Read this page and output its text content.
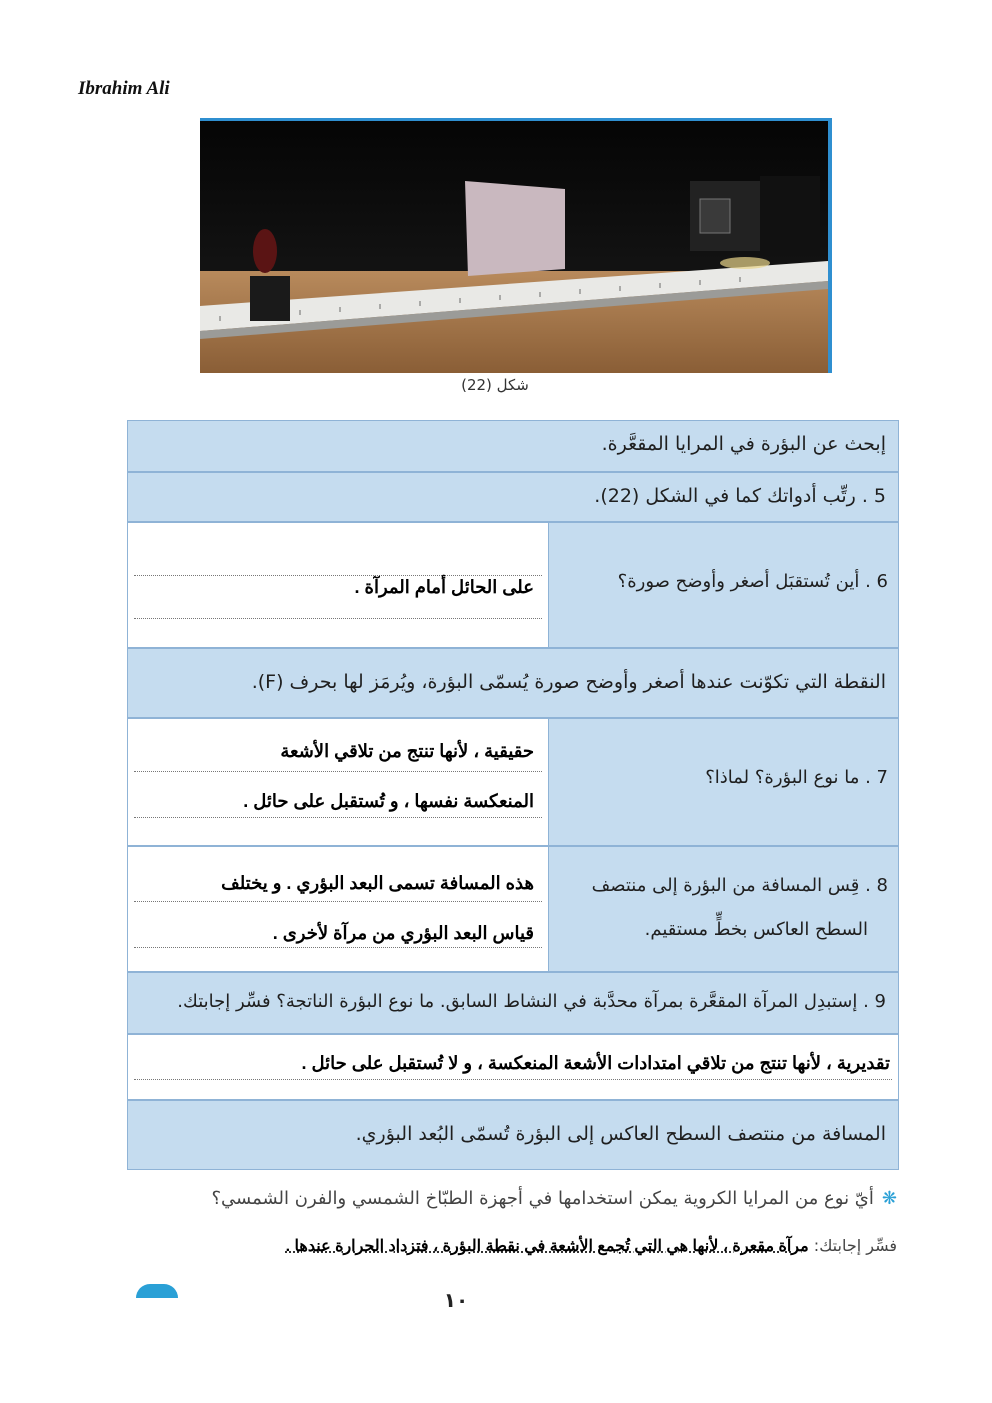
Ibrahim Ali
شكل (22)
إبحث عن البؤرة في المرايا المقعَّرة.
5 . رتِّب أدواتك كما في الشكل (22).
على الحائل أمام المرآة .	6 . أين تُستقبَل أصغر وأوضح صورة؟
النقطة التي تكوّنت عندها أصغر وأوضح صورة يُسمّى البؤرة، ويُرمَز لها بحرف (F).
حقيقية ، لأنها تنتج من تلاقي الأشعة
المنعكسة نفسها ، و تُستقبل على حائل .
7 . ما نوع البؤرة؟ لماذا؟
هذه المسافة تسمى البعد البؤري . و يختلف
قياس البعد البؤري من مرآة لأخرى .
8 . قِس المسافة من البؤرة إلى منتصف
السطح العاكس بخطٍّ مستقيم.
9 . إستبدِل المرآة المقعَّرة بمرآة محدَّبة في النشاط السابق. ما نوع البؤرة الناتجة؟ فسِّر إجابتك.
تقديرية ، لأنها تنتج من تلاقي امتدادات الأشعة المنعكسة ، و لا تُستقبل على حائل .
المسافة من منتصف السطح العاكس إلى البؤرة تُسمّى البُعد البؤري.
❋أيّ نوع من المرايا الكروية يمكن استخدامها في أجهزة الطبّاخ الشمسي والفرن الشمسي؟
فسِّر إجابتك: مرآة مقعرة ، لأنها هي التي تُجمع الأشعة في نقطة البؤرة ، فتزداد الحرارة عندها .
١٠
